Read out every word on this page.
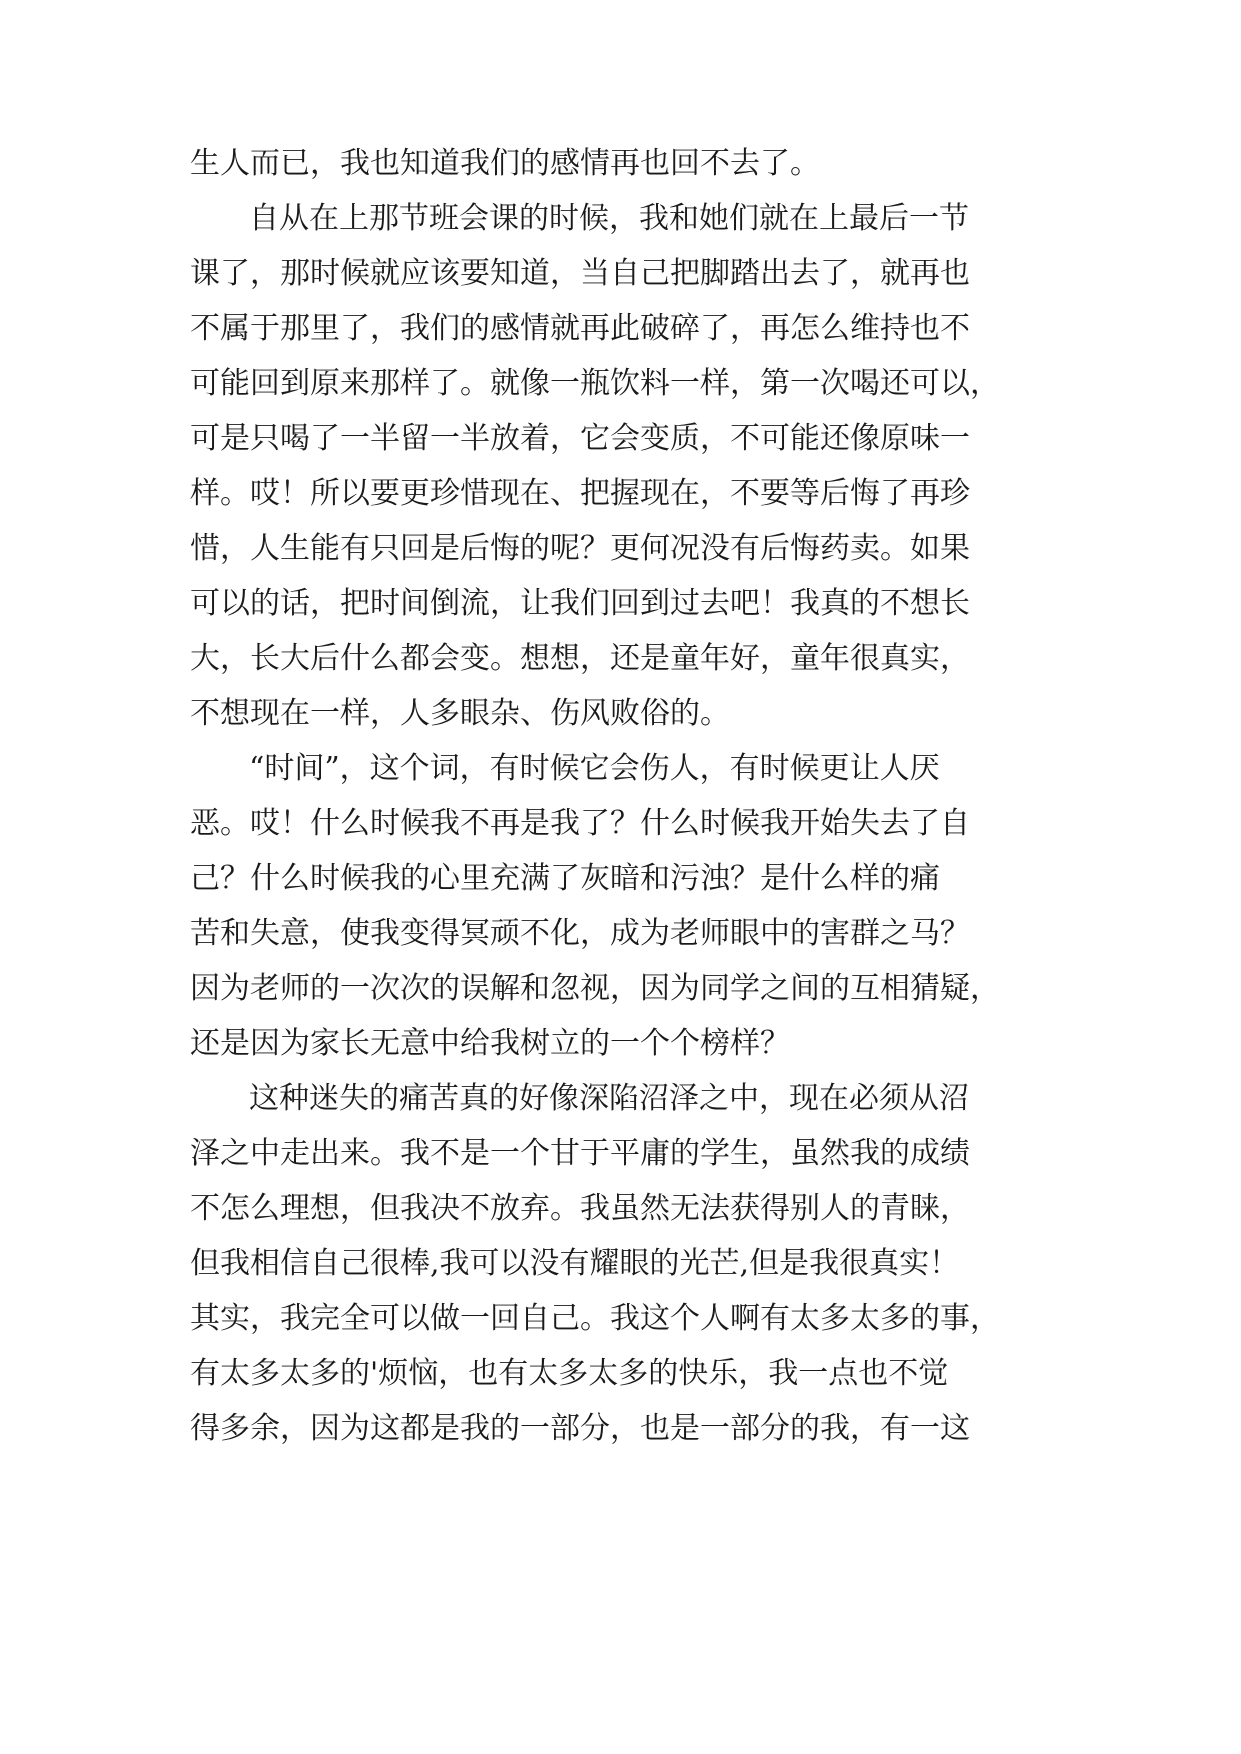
生人而已，我也知道我们的感情再也回不去了。
自从在上那节班会课的时候，我和她们就在上最后一节
课了，那时候就应该要知道，当自己把脚踏出去了，就再也
不属于那里了，我们的感情就再此破碎了，再怎么维持也不
可能回到原来那样了。就像一瓶饮料一样，第一次喝还可以，
可是只喝了一半留一半放着，它会变质，不可能还像原味一
样。哎！所以要更珍惜现在、把握现在，不要等后悔了再珍
惜，人生能有只回是后悔的呢？更何况没有后悔药卖。如果
可以的话，把时间倒流，让我们回到过去吧！我真的不想长
大，长大后什么都会变。想想，还是童年好，童年很真实，
不想现在一样，人多眼杂、伤风败俗的。
“时间”，这个词，有时候它会伤人，有时候更让人厌
恶。哎！什么时候我不再是我了？什么时候我开始失去了自
己？什么时候我的心里充满了灰暗和污浊？是什么样的痛
苦和失意，使我变得冥顽不化，成为老师眼中的害群之马？
因为老师的一次次的误解和忽视，因为同学之间的互相猜疑，
还是因为家长无意中给我树立的一个个榜样？
这种迷失的痛苦真的好像深陷沼泽之中，现在必须从沼
泽之中走出来。我不是一个甘于平庸的学生，虽然我的成绩
不怎么理想，但我决不放弃。我虽然无法获得别人的青睐，
但我相信自己很棒,我可以没有耀眼的光芒,但是我很真实！
其实，我完全可以做一回自己。我这个人啊有太多太多的事，
有太多太多的'烦恼，也有太多太多的快乐，我一点也不觉
得多余，因为这都是我的一部分，也是一部分的我，有一这
